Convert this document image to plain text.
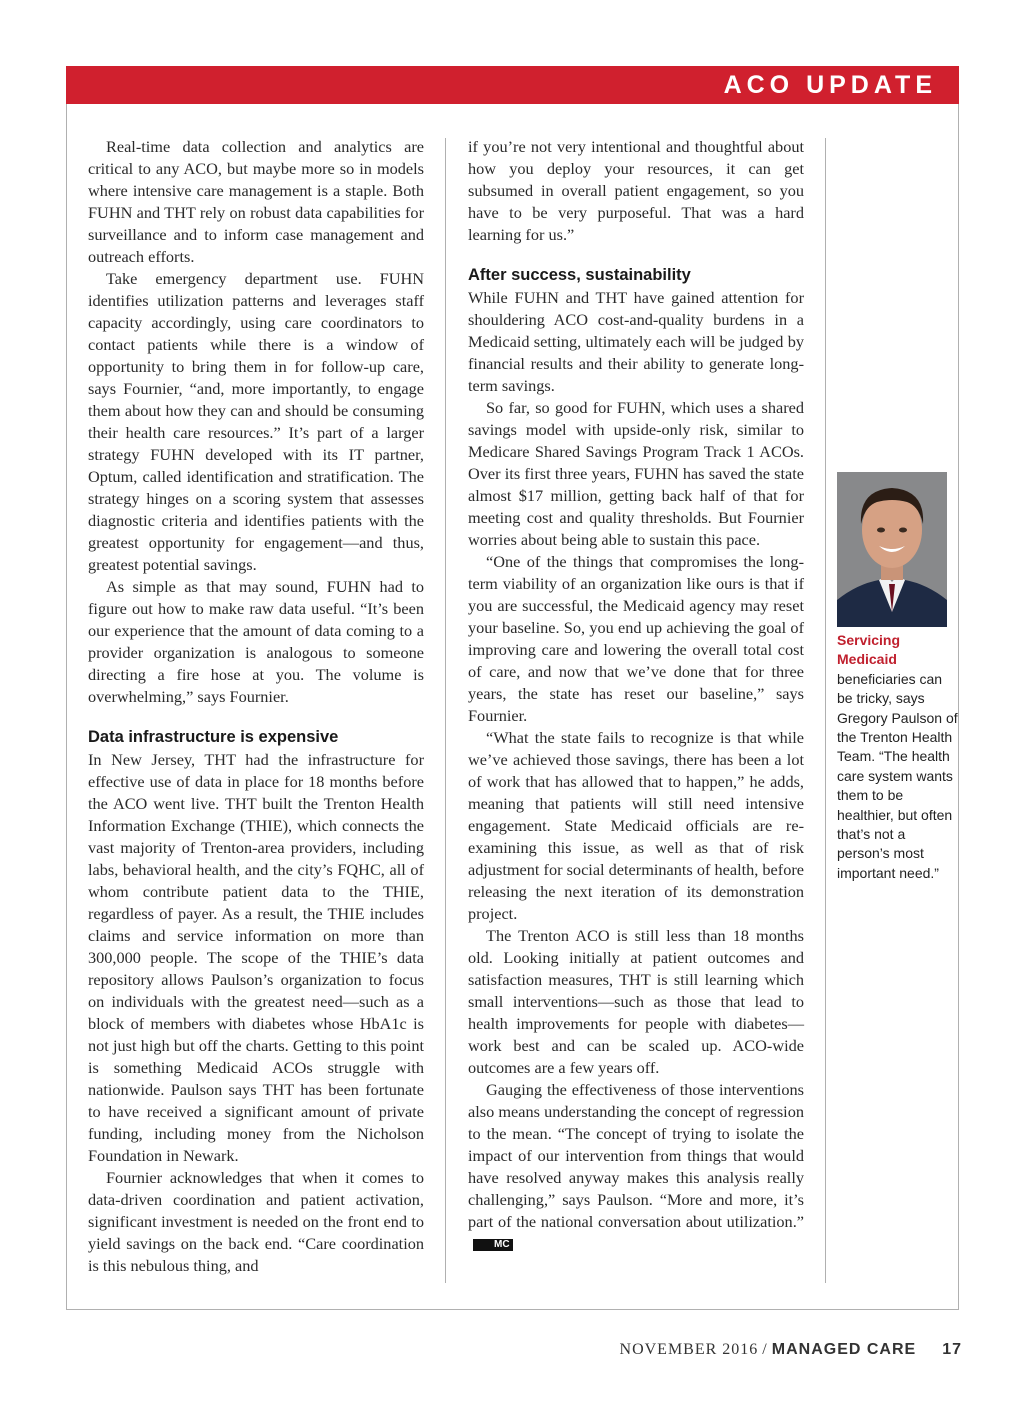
ACO UPDATE

Real-time data collection and analytics are critical to any ACO, but maybe more so in models where intensive care management is a staple. Both FUHN and THT rely on robust data capabilities for surveillance and to inform case management and outreach efforts.

Take emergency department use. FUHN identifies utilization patterns and leverages staff capacity accordingly, using care coordinators to contact patients while there is a window of opportunity to bring them in for follow-up care, says Fournier, “and, more importantly, to engage them about how they can and should be consuming their health care resources.” It’s part of a larger strategy FUHN developed with its IT partner, Optum, called identification and stratification. The strategy hinges on a scoring system that assesses diagnostic criteria and identifies patients with the greatest opportunity for engagement—and thus, greatest potential savings.

As simple as that may sound, FUHN had to figure out how to make raw data useful. “It’s been our experience that the amount of data coming to a provider organization is analogous to someone directing a fire hose at you. The volume is overwhelming,” says Fournier.

Data infrastructure is expensive

In New Jersey, THT had the infrastructure for effective use of data in place for 18 months before the ACO went live. THT built the Trenton Health Information Exchange (THIE), which connects the vast majority of Trenton-area providers, including labs, behavioral health, and the city’s FQHC, all of whom contribute patient data to the THIE, regardless of payer. As a result, the THIE includes claims and service information on more than 300,000 people. The scope of the THIE’s data repository allows Paulson’s organization to focus on individuals with the greatest need—such as a block of members with diabetes whose HbA1c is not just high but off the charts. Getting to this point is something Medicaid ACOs struggle with nationwide. Paulson says THT has been fortunate to have received a significant amount of private funding, including money from the Nicholson Foundation in Newark.

Fournier acknowledges that when it comes to data-driven coordination and patient activation, significant investment is needed on the front end to yield savings on the back end. “Care coordination is this nebulous thing, and

if you’re not very intentional and thoughtful about how you deploy your resources, it can get subsumed in overall patient engagement, so you have to be very purposeful. That was a hard learning for us.”

After success, sustainability

While FUHN and THT have gained attention for shouldering ACO cost-and-quality burdens in a Medicaid setting, ultimately each will be judged by financial results and their ability to generate long-term savings.

So far, so good for FUHN, which uses a shared savings model with upside-only risk, similar to Medicare Shared Savings Program Track 1 ACOs. Over its first three years, FUHN has saved the state almost $17 million, getting back half of that for meeting cost and quality thresholds. But Fournier worries about being able to sustain this pace.

“One of the things that compromises the long-term viability of an organization like ours is that if you are successful, the Medicaid agency may reset your baseline. So, you end up achieving the goal of improving care and lowering the overall total cost of care, and now that we’ve done that for three years, the state has reset our baseline,” says Fournier.

“What the state fails to recognize is that while we’ve achieved those savings, there has been a lot of work that has allowed that to happen,” he adds, meaning that patients will still need intensive engagement. State Medicaid officials are re-examining this issue, as well as that of risk adjustment for social determinants of health, before releasing the next iteration of its demonstration project.

The Trenton ACO is still less than 18 months old. Looking initially at patient outcomes and satisfaction measures, THT is still learning which small interventions—such as those that lead to health improvements for people with diabetes—work best and can be scaled up. ACO-wide outcomes are a few years off.

Gauging the effectiveness of those interventions also means understanding the concept of regression to the mean. “The concept of trying to isolate the impact of our intervention from things that would have resolved anyway makes this analysis really challenging,” says Paulson. “More and more, it’s part of the national conversation about utilization.”MC

Servicing Medicaid
beneficiaries can be tricky, says Gregory Paulson of the Trenton Health Team. “The health care system wants them to be healthier, but often that’s not a person’s most important need.”
NOVEMBER 2016 / MANAGED CARE 17
